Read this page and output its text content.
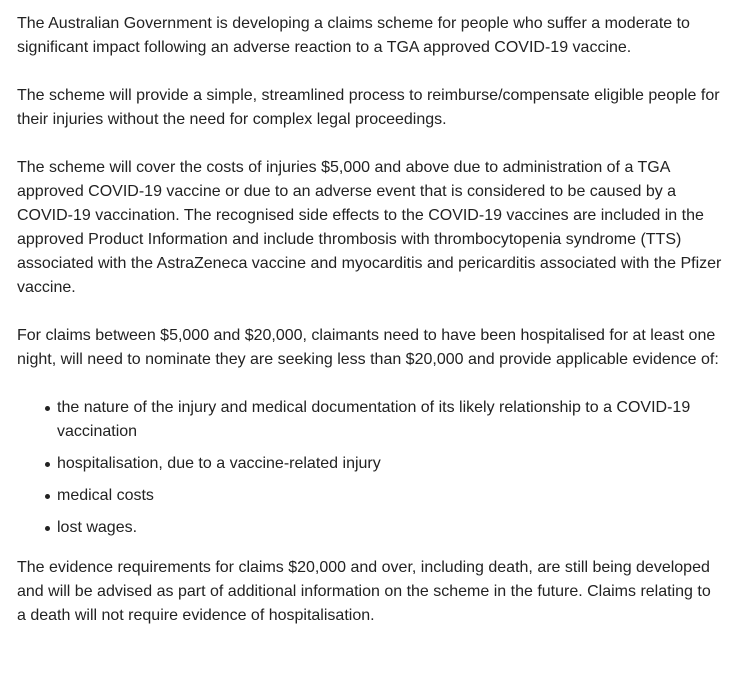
The Australian Government is developing a claims scheme for people who suffer a moderate to significant impact following an adverse reaction to a TGA approved COVID-19 vaccine.

The scheme will provide a simple, streamlined process to reimburse/compensate eligible people for their injuries without the need for complex legal proceedings.

The scheme will cover the costs of injuries $5,000 and above due to administration of a TGA approved COVID-19 vaccine or due to an adverse event that is considered to be caused by a COVID-19 vaccination. The recognised side effects to the COVID-19 vaccines are included in the approved Product Information and include thrombosis with thrombocytopenia syndrome (TTS) associated with the AstraZeneca vaccine and myocarditis and pericarditis associated with the Pfizer vaccine.

For claims between $5,000 and $20,000, claimants need to have been hospitalised for at least one night, will need to nominate they are seeking less than $20,000 and provide applicable evidence of:

the nature of the injury and medical documentation of its likely relationship to a COVID-19 vaccination
hospitalisation, due to a vaccine-related injury
medical costs
lost wages.

The evidence requirements for claims $20,000 and over, including death, are still being developed and will be advised as part of additional information on the scheme in the future. Claims relating to a death will not require evidence of hospitalisation.
